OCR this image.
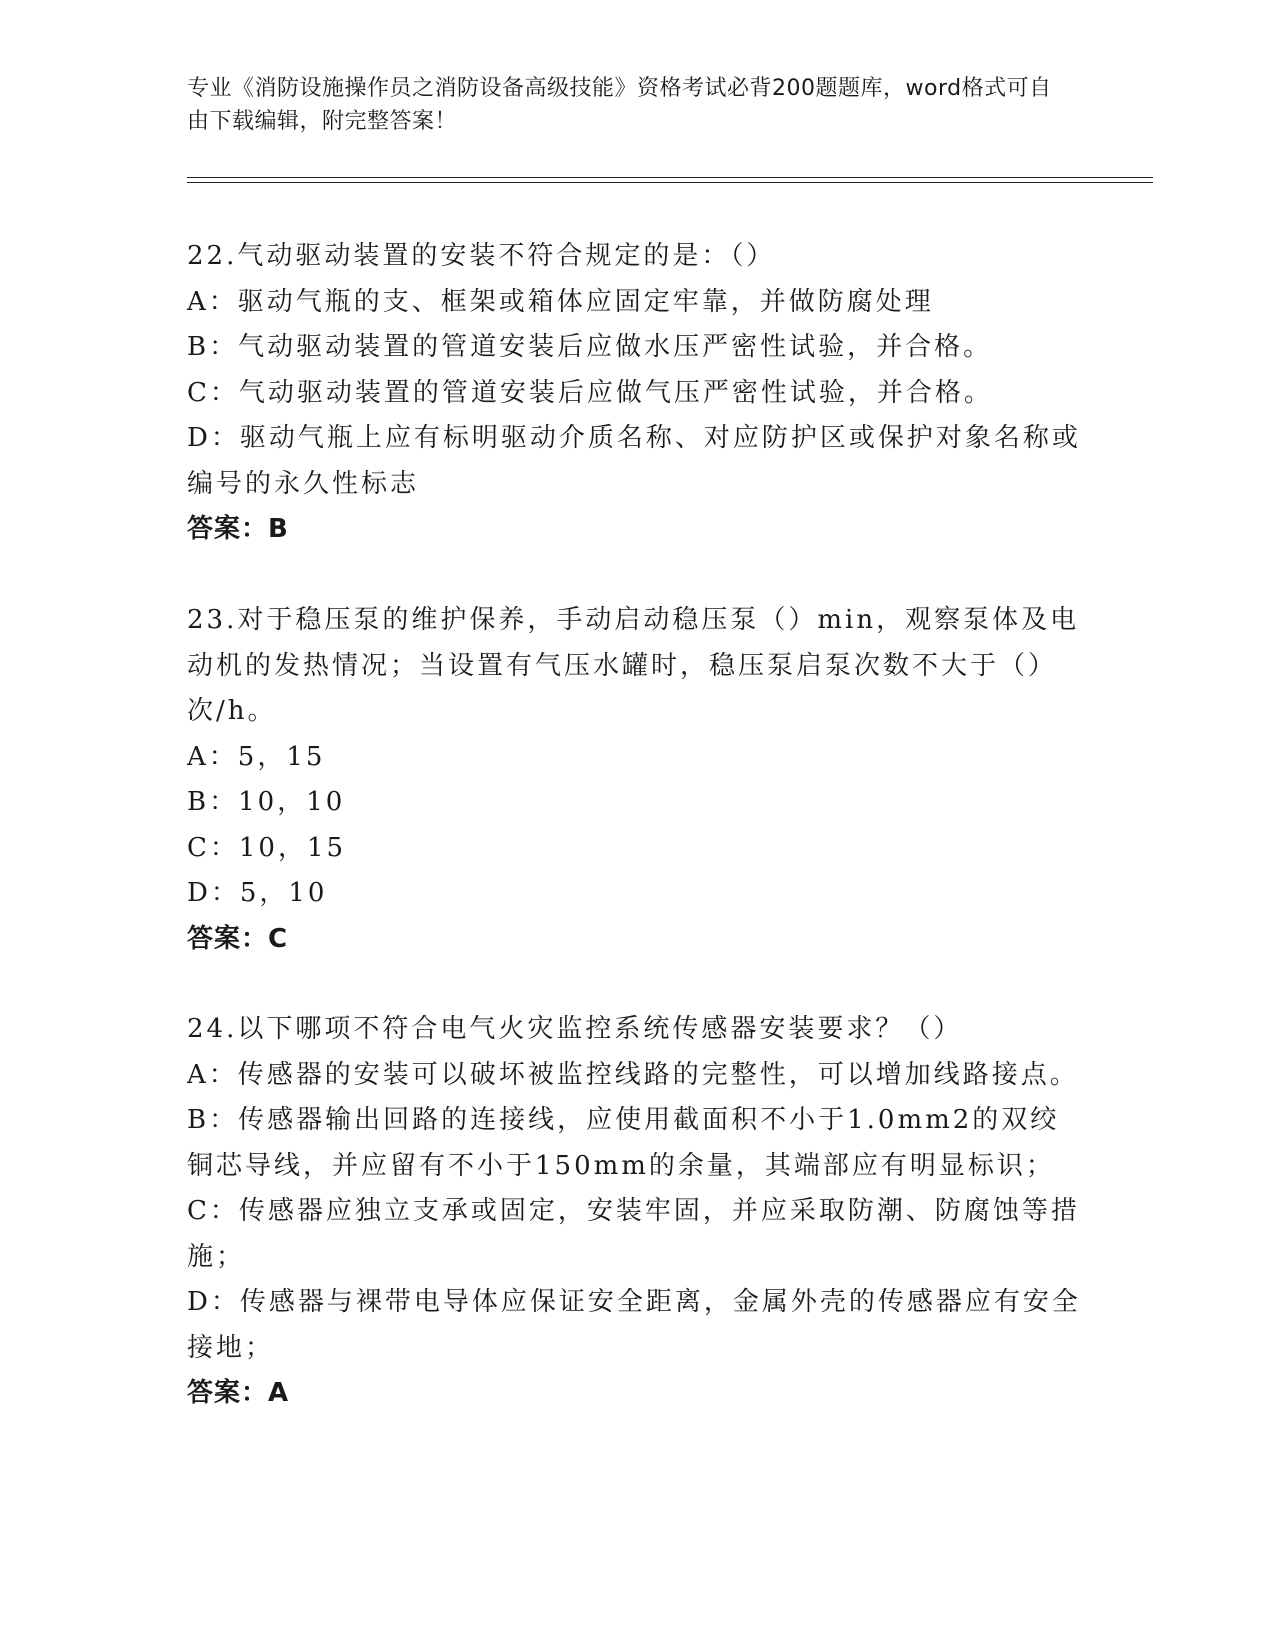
专业《消防设施操作员之消防设备高级技能》资格考试必背200题题库，word格式可自由下载编辑，附完整答案！
22.气动驱动装置的安装不符合规定的是：（）
A：驱动气瓶的支、框架或箱体应固定牢靠，并做防腐处理
B：气动驱动装置的管道安装后应做水压严密性试验，并合格。
C：气动驱动装置的管道安装后应做气压严密性试验，并合格。
D：驱动气瓶上应有标明驱动介质名称、对应防护区或保护对象名称或编号的永久性标志
答案：B
23.对于稳压泵的维护保养，手动启动稳压泵（）min，观察泵体及电动机的发热情况；当设置有气压水罐时，稳压泵启泵次数不大于（）次/h。
A：5，15
B：10，10
C：10，15
D：5，10
答案：C
24.以下哪项不符合电气火灾监控系统传感器安装要求？（）
A：传感器的安装可以破坏被监控线路的完整性，可以增加线路接点。
B：传感器输出回路的连接线，应使用截面积不小于1.0mm2的双绞铜芯导线，并应留有不小于150mm的余量，其端部应有明显标识；
C：传感器应独立支承或固定，安装牢固，并应采取防潮、防腐蚀等措施；
D：传感器与裸带电导体应保证安全距离，金属外壳的传感器应有安全接地；
答案：A
